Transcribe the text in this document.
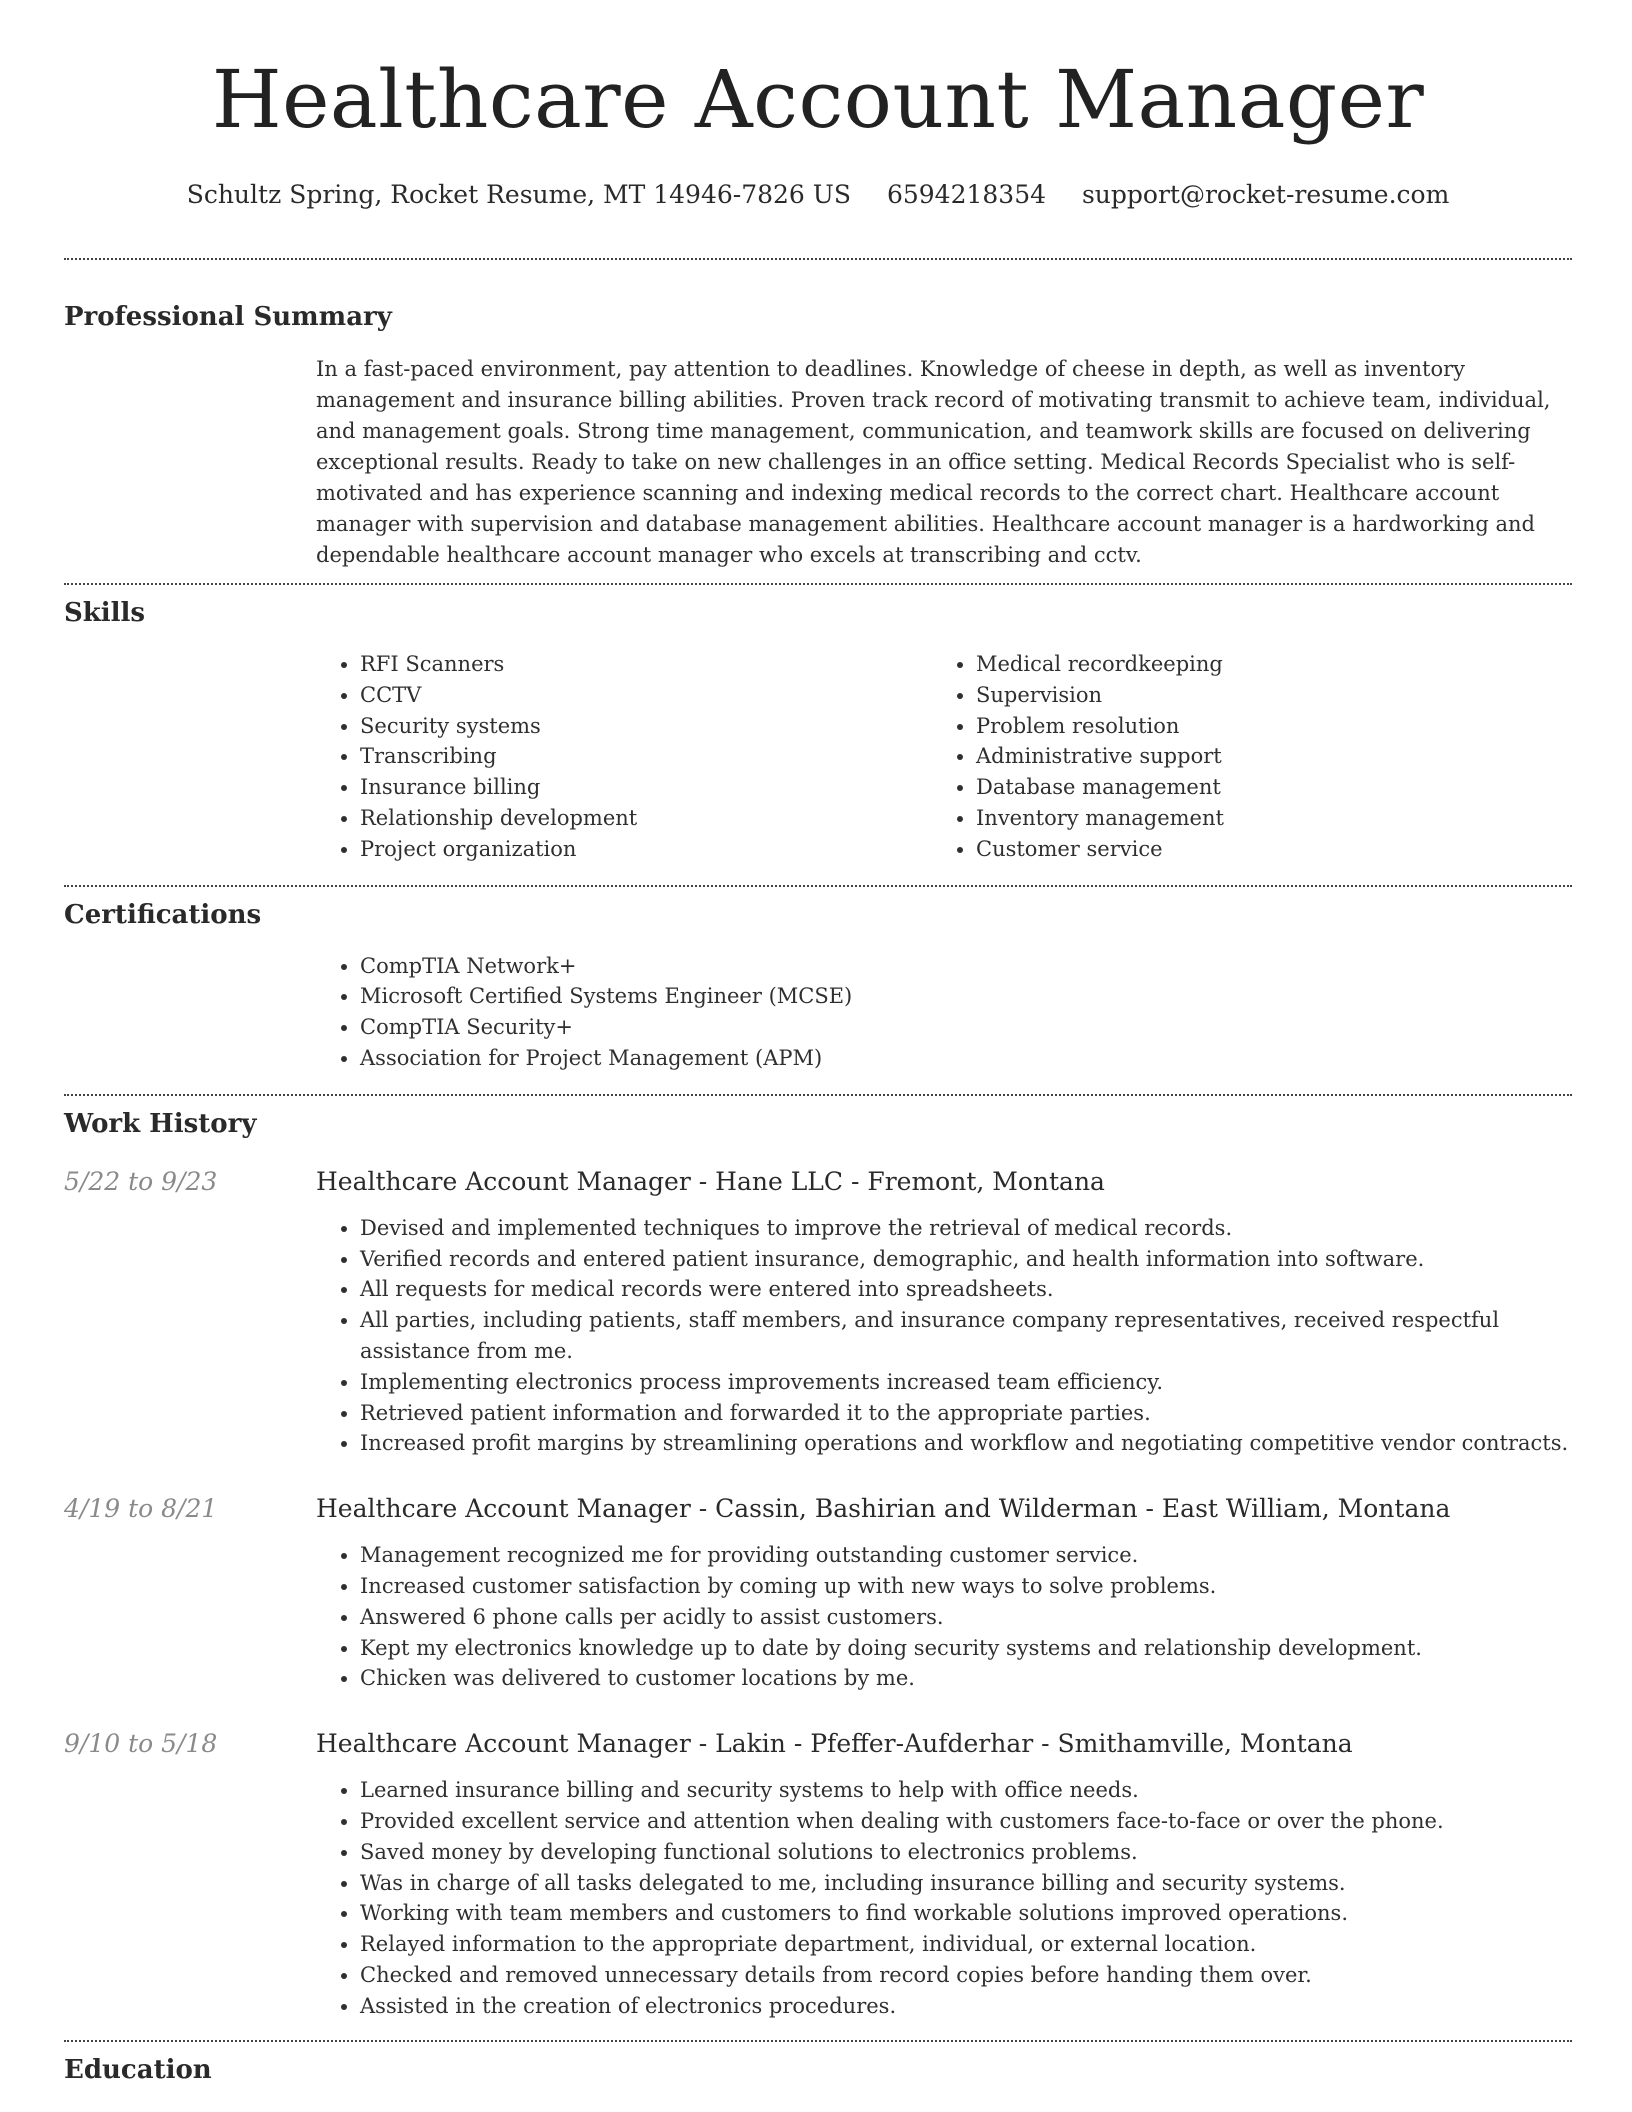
Healthcare Account Manager
Schultz Spring, Rocket Resume, MT 14946-7826 US 6594218354 support@rocket-resume.com
Professional Summary

In a fast-paced environment, pay attention to deadlines. Knowledge of cheese in depth, as well as inventory management and insurance billing abilities. Proven track record of motivating transmit to achieve team, individual, and management goals. Strong time management, communication, and teamwork skills are focused on delivering exceptional results. Ready to take on new challenges in an office setting. Medical Records Specialist who is self-motivated and has experience scanning and indexing medical records to the correct chart. Healthcare account manager with supervision and database management abilities. Healthcare account manager is a hardworking and dependable healthcare account manager who excels at transcribing and cctv.

Skills
• RFI Scanners
• CCTV
• Security systems
• Transcribing
• Insurance billing
• Relationship development
• Project organization
• Medical recordkeeping
• Supervision
• Problem resolution
• Administrative support
• Database management
• Inventory management
• Customer service
Certifications
• CompTIA Network+
• Microsoft Certified Systems Engineer (MCSE)
• CompTIA Security+
• Association for Project Management (APM)
Work History
5/22 to 9/23	Healthcare Account Manager - Hane LLC - Fremont, Montana
• Devised and implemented techniques to improve the retrieval of medical records.
• Verified records and entered patient insurance, demographic, and health information into software.
• All requests for medical records were entered into spreadsheets.
• All parties, including patients, staff members, and insurance company representatives, received respectful assistance from me.
• Implementing electronics process improvements increased team efficiency.
• Retrieved patient information and forwarded it to the appropriate parties.
• Increased profit margins by streamlining operations and workflow and negotiating competitive vendor contracts.
4/19 to 8/21	Healthcare Account Manager - Cassin, Bashirian and Wilderman - East William, Montana
• Management recognized me for providing outstanding customer service.
• Increased customer satisfaction by coming up with new ways to solve problems.
• Answered 6 phone calls per acidly to assist customers.
• Kept my electronics knowledge up to date by doing security systems and relationship development.
• Chicken was delivered to customer locations by me.
9/10 to 5/18	Healthcare Account Manager - Lakin - Pfeffer-Aufderhar - Smithamville, Montana
• Learned insurance billing and security systems to help with office needs.
• Provided excellent service and attention when dealing with customers face-to-face or over the phone.
• Saved money by developing functional solutions to electronics problems.
• Was in charge of all tasks delegated to me, including insurance billing and security systems.
• Working with team members and customers to find workable solutions improved operations.
• Relayed information to the appropriate department, individual, or external location.
• Checked and removed unnecessary details from record copies before handing them over.
• Assisted in the creation of electronics procedures.
Education
